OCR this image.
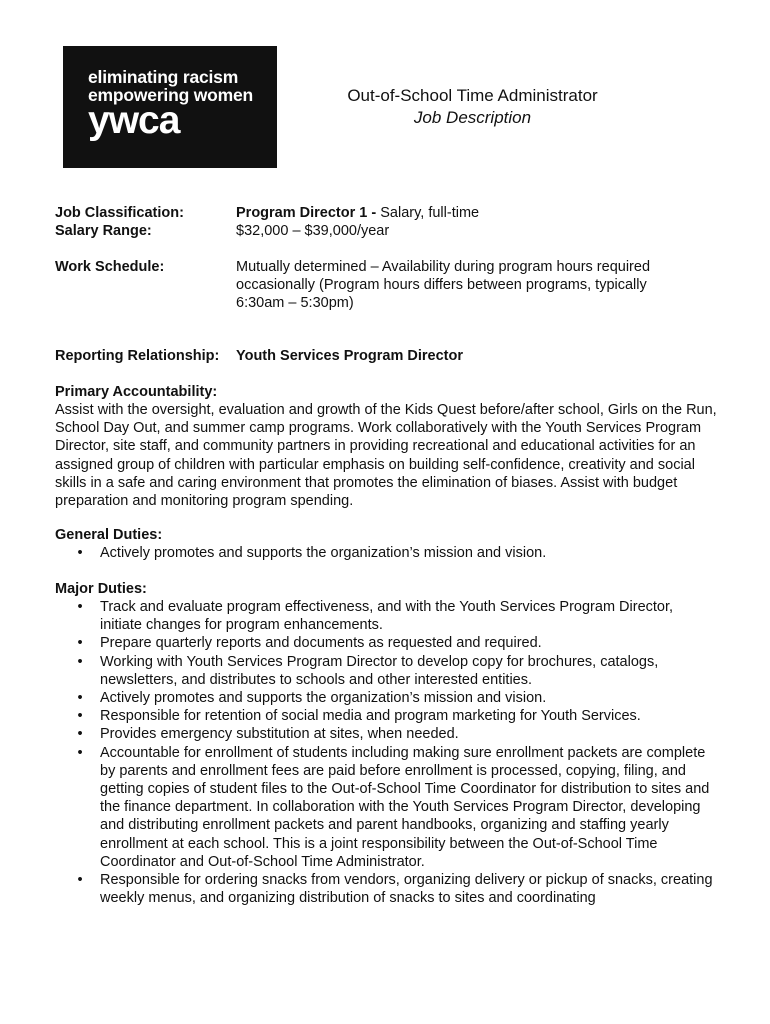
eliminating racism
empowering women
ywca
Out-of-School Time Administrator
Job Description
Job Classification:	Program Director 1 - Salary, full-time
Salary Range:	$32,000 – $39,000/year
Work Schedule:	Mutually determined – Availability during program hours required occasionally (Program hours differs between programs, typically 6:30am – 5:30pm)
Reporting Relationship: Youth Services Program Director
Primary Accountability:
Assist with the oversight, evaluation and growth of the Kids Quest before/after school, Girls on the Run, School Day Out, and summer camp programs. Work collaboratively with the Youth Services Program Director, site staff, and community partners in providing recreational and educational activities for an assigned group of children with particular emphasis on building self-confidence, creativity and social skills in a safe and caring environment that promotes the elimination of biases. Assist with budget preparation and monitoring program spending.
General Duties:
• Actively promotes and supports the organization’s mission and vision.
Major Duties:
• Track and evaluate program effectiveness, and with the Youth Services Program Director, initiate changes for program enhancements.
• Prepare quarterly reports and documents as requested and required.
• Working with Youth Services Program Director to develop copy for brochures, catalogs, newsletters, and distributes to schools and other interested entities.
• Actively promotes and supports the organization’s mission and vision.
• Responsible for retention of social media and program marketing for Youth Services.
• Provides emergency substitution at sites, when needed.
• Accountable for enrollment of students including making sure enrollment packets are complete by parents and enrollment fees are paid before enrollment is processed, copying, filing, and getting copies of student files to the Out-of-School Time Coordinator for distribution to sites and the finance department. In collaboration with the Youth Services Program Director, developing and distributing enrollment packets and parent handbooks, organizing and staffing yearly enrollment at each school. This is a joint responsibility between the Out-of-School Time Coordinator and Out-of-School Time Administrator.
• Responsible for ordering snacks from vendors, organizing delivery or pickup of snacks, creating weekly menus, and organizing distribution of snacks to sites and coordinating
